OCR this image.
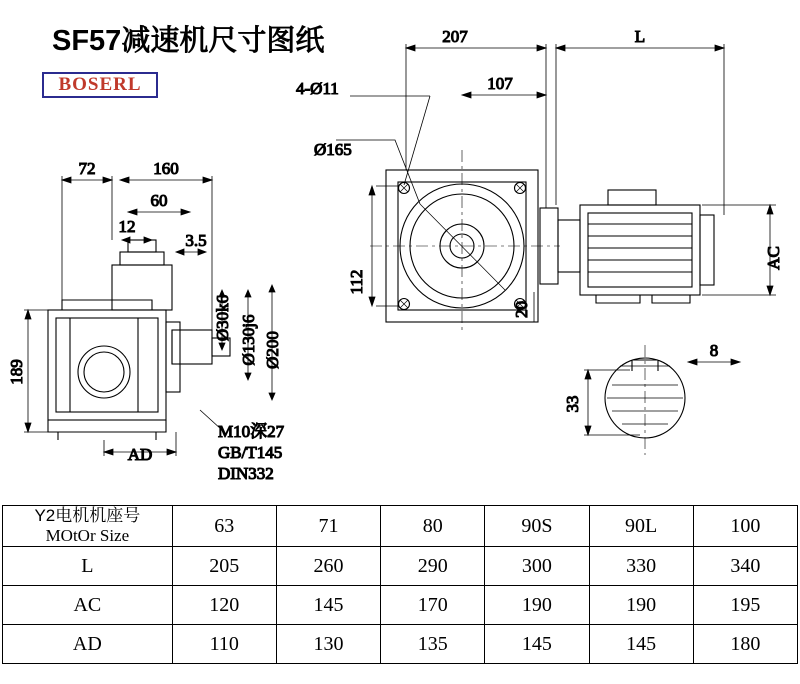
SF57减速机尺寸图纸
BOSERL
207	L
4-Ø11	107
Ø165
112
20
AC
72	160
60
12
3.5
Ø30k6 Ø130j6 Ø200
189
AD
M10深27
GB/T145
DIN332
8
33
Y2电机机座号
MOtOr Size	63	71	80	90S	90L	100
L	205	260	290	300	330	340
AC	120	145	170	190	190	195
AD	110	130	135	145	145	180
